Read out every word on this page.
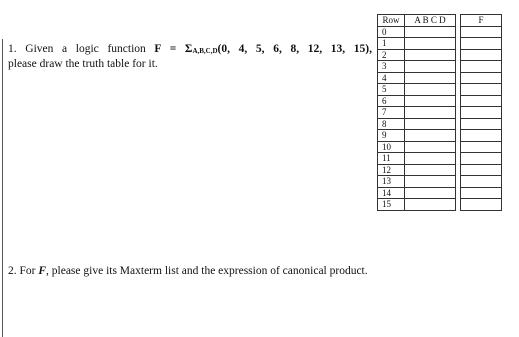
1. Given a logic function $F = \Sigma_{A,B,C,D}(0$, 4, 5, 6, 8, 12, 13, 15),
please draw the truth table for it.
2. For F, please give its Maxterm list and the expression of canonical product.
Row	A B C D		F
0			
1			
2			
3			
4			
5			
6			
7			
8			
9			
10			
11			
12			
13			
14			
15			
